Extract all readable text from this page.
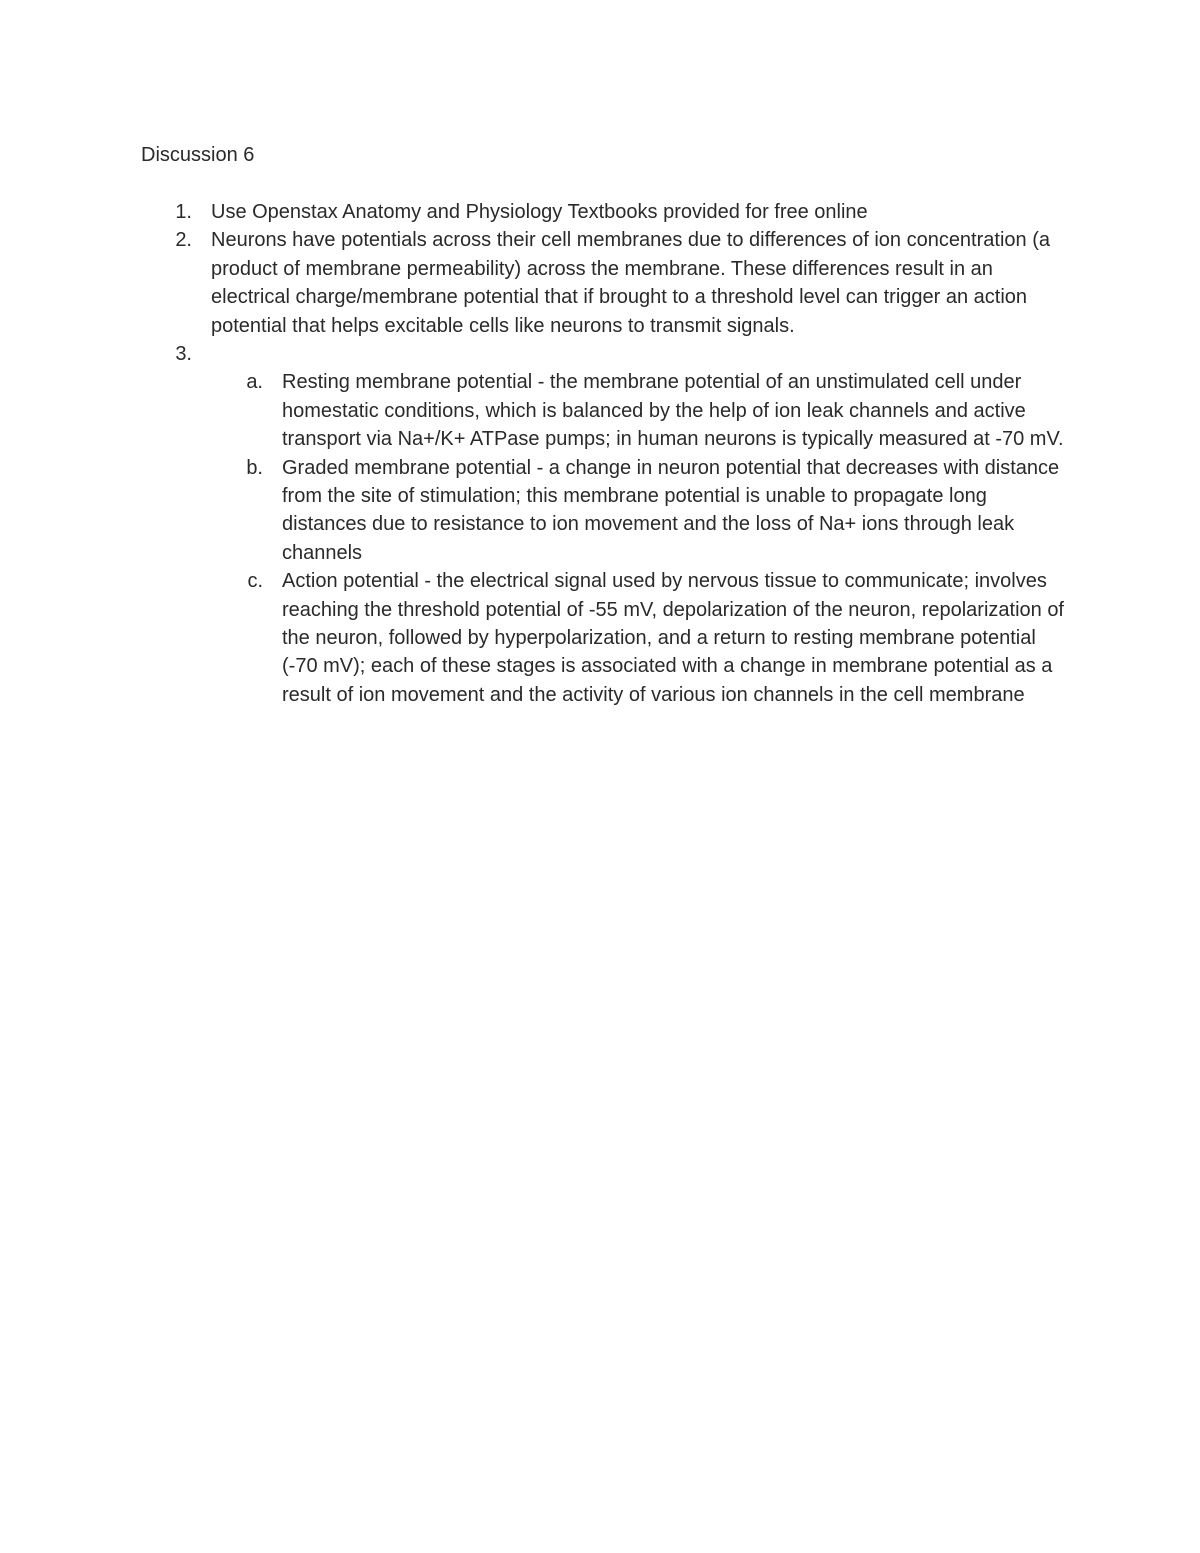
Discussion 6
1. Use Openstax Anatomy and Physiology Textbooks provided for free online
2. Neurons have potentials across their cell membranes due to differences of ion concentration (a product of membrane permeability) across the membrane. These differences result in an electrical charge/membrane potential that if brought to a threshold level can trigger an action potential that helps excitable cells like neurons to transmit signals.
3.
a. Resting membrane potential - the membrane potential of an unstimulated cell under homestatic conditions, which is balanced by the help of ion leak channels and active transport via Na+/K+ ATPase pumps; in human neurons is typically measured at -70 mV.
b. Graded membrane potential - a change in neuron potential that decreases with distance from the site of stimulation; this membrane potential is unable to propagate long distances due to resistance to ion movement and the loss of Na+ ions through leak channels
c. Action potential - the electrical signal used by nervous tissue to communicate; involves reaching the threshold potential of -55 mV, depolarization of the neuron, repolarization of the neuron, followed by hyperpolarization, and a return to resting membrane potential (-70 mV); each of these stages is associated with a change in membrane potential as a result of ion movement and the activity of various ion channels in the cell membrane
